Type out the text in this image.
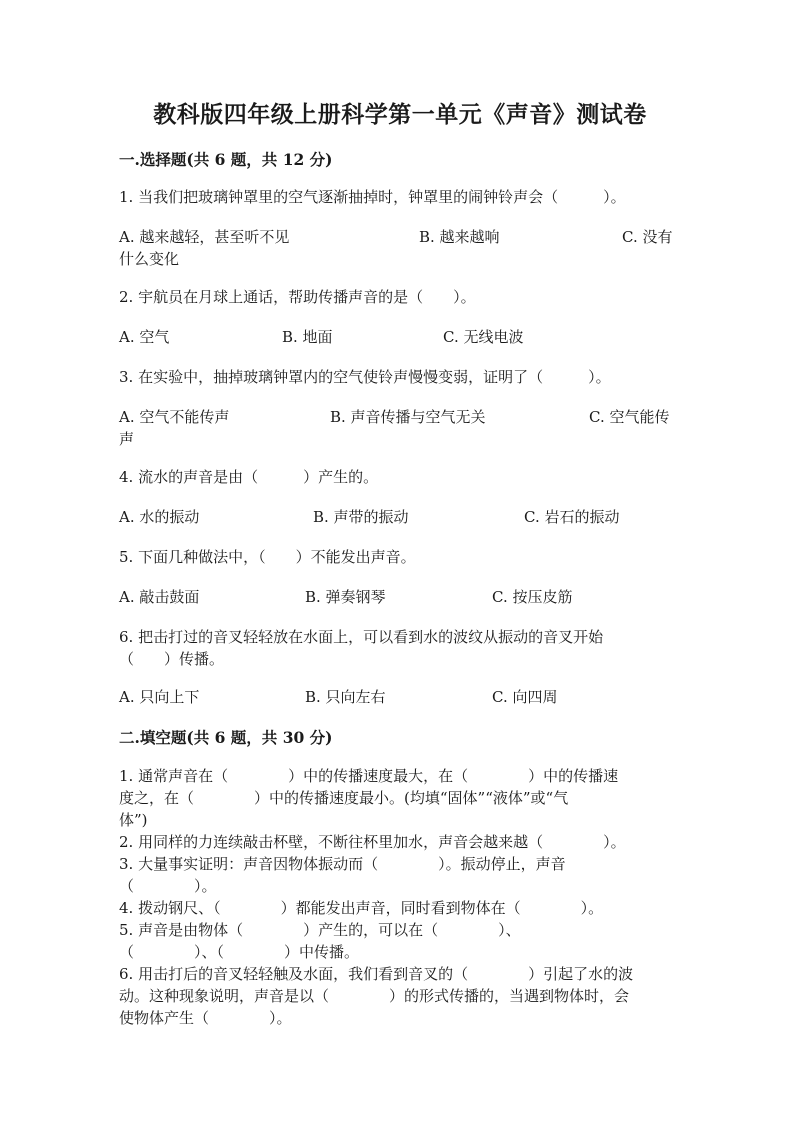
教科版四年级上册科学第一单元《声音》测试卷
一.选择题(共 6 题，共 12 分)
1. 当我们把玻璃钟罩里的空气逐渐抽掉时，钟罩里的闹钟铃声会（　　　）。
A. 越来越轻，甚至听不见	B. 越来越响	C. 没有
什么变化
2. 宇航员在月球上通话，帮助传播声音的是（　　）。
A. 空气	B. 地面	C. 无线电波
3. 在实验中，抽掉玻璃钟罩内的空气使铃声慢慢变弱，证明了（　　　）。
A. 空气不能传声	B. 声音传播与空气无关	C. 空气能传
声
4. 流水的声音是由（　　　）产生的。
A. 水的振动	B. 声带的振动	C. 岩石的振动
5. 下面几种做法中，（　　）不能发出声音。
A. 敲击鼓面	B. 弹奏钢琴	C. 按压皮筋
6. 把击打过的音叉轻轻放在水面上，可以看到水的波纹从振动的音叉开始
（　　）传播。
A. 只向上下	B. 只向左右	C. 向四周
二.填空题(共 6 题，共 30 分)
1. 通常声音在（　　　　）中的传播速度最大，在（　　　　）中的传播速
度之，在（　　　　）中的传播速度最小。(均填“固体”“液体”或“气
体”)
2. 用同样的力连续敲击杯壁，不断往杯里加水，声音会越来越（　　　　）。
3. 大量事实证明：声音因物体振动而（　　　　）。振动停止，声音
（　　　　）。
4. 拨动钢尺、（　　　　）都能发出声音，同时看到物体在（　　　　）。
5. 声音是由物体（　　　　）产生的，可以在（　　　　）、
（　　　　）、（　　　　）中传播。
6. 用击打后的音叉轻轻触及水面，我们看到音叉的（　　　　）引起了水的波
动。这种现象说明，声音是以（　　　　）的形式传播的，当遇到物体时，会
使物体产生（　　　　）。
